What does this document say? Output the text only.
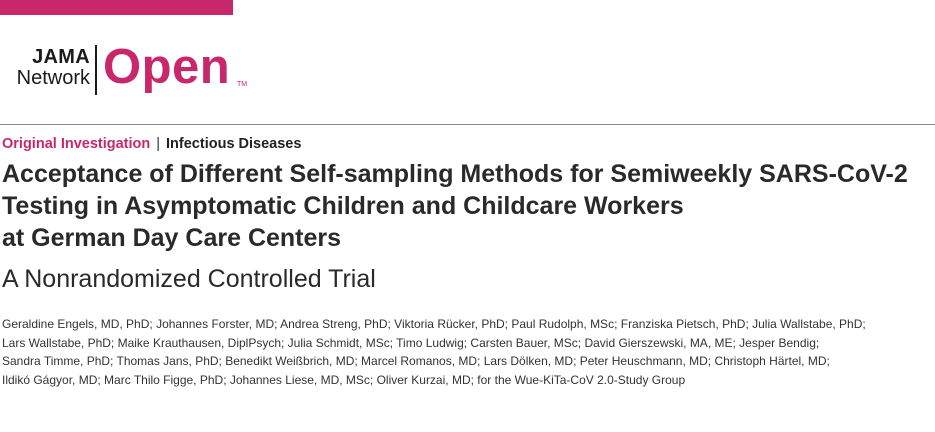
JAMA
Network Open TM
Original Investigation | Infectious Diseases
Acceptance of Different Self-sampling Methods for Semiweekly SARS-CoV-2
Testing in Asymptomatic Children and Childcare Workers
at German Day Care Centers
A Nonrandomized Controlled Trial
Geraldine Engels, MD, PhD; Johannes Forster, MD; Andrea Streng, PhD; Viktoria Rücker, PhD; Paul Rudolph, MSc; Franziska Pietsch, PhD; Julia Wallstabe, PhD;
Lars Wallstabe, PhD; Maike Krauthausen, DiplPsych; Julia Schmidt, MSc; Timo Ludwig; Carsten Bauer, MSc; David Gierszewski, MA, ME; Jesper Bendig;
Sandra Timme, PhD; Thomas Jans, PhD; Benedikt Weißbrich, MD; Marcel Romanos, MD; Lars Dölken, MD; Peter Heuschmann, MD; Christoph Härtel, MD;
Ildikó Gágyor, MD; Marc Thilo Figge, PhD; Johannes Liese, MD, MSc; Oliver Kurzai, MD; for the Wue-KiTa-CoV 2.0-Study Group
